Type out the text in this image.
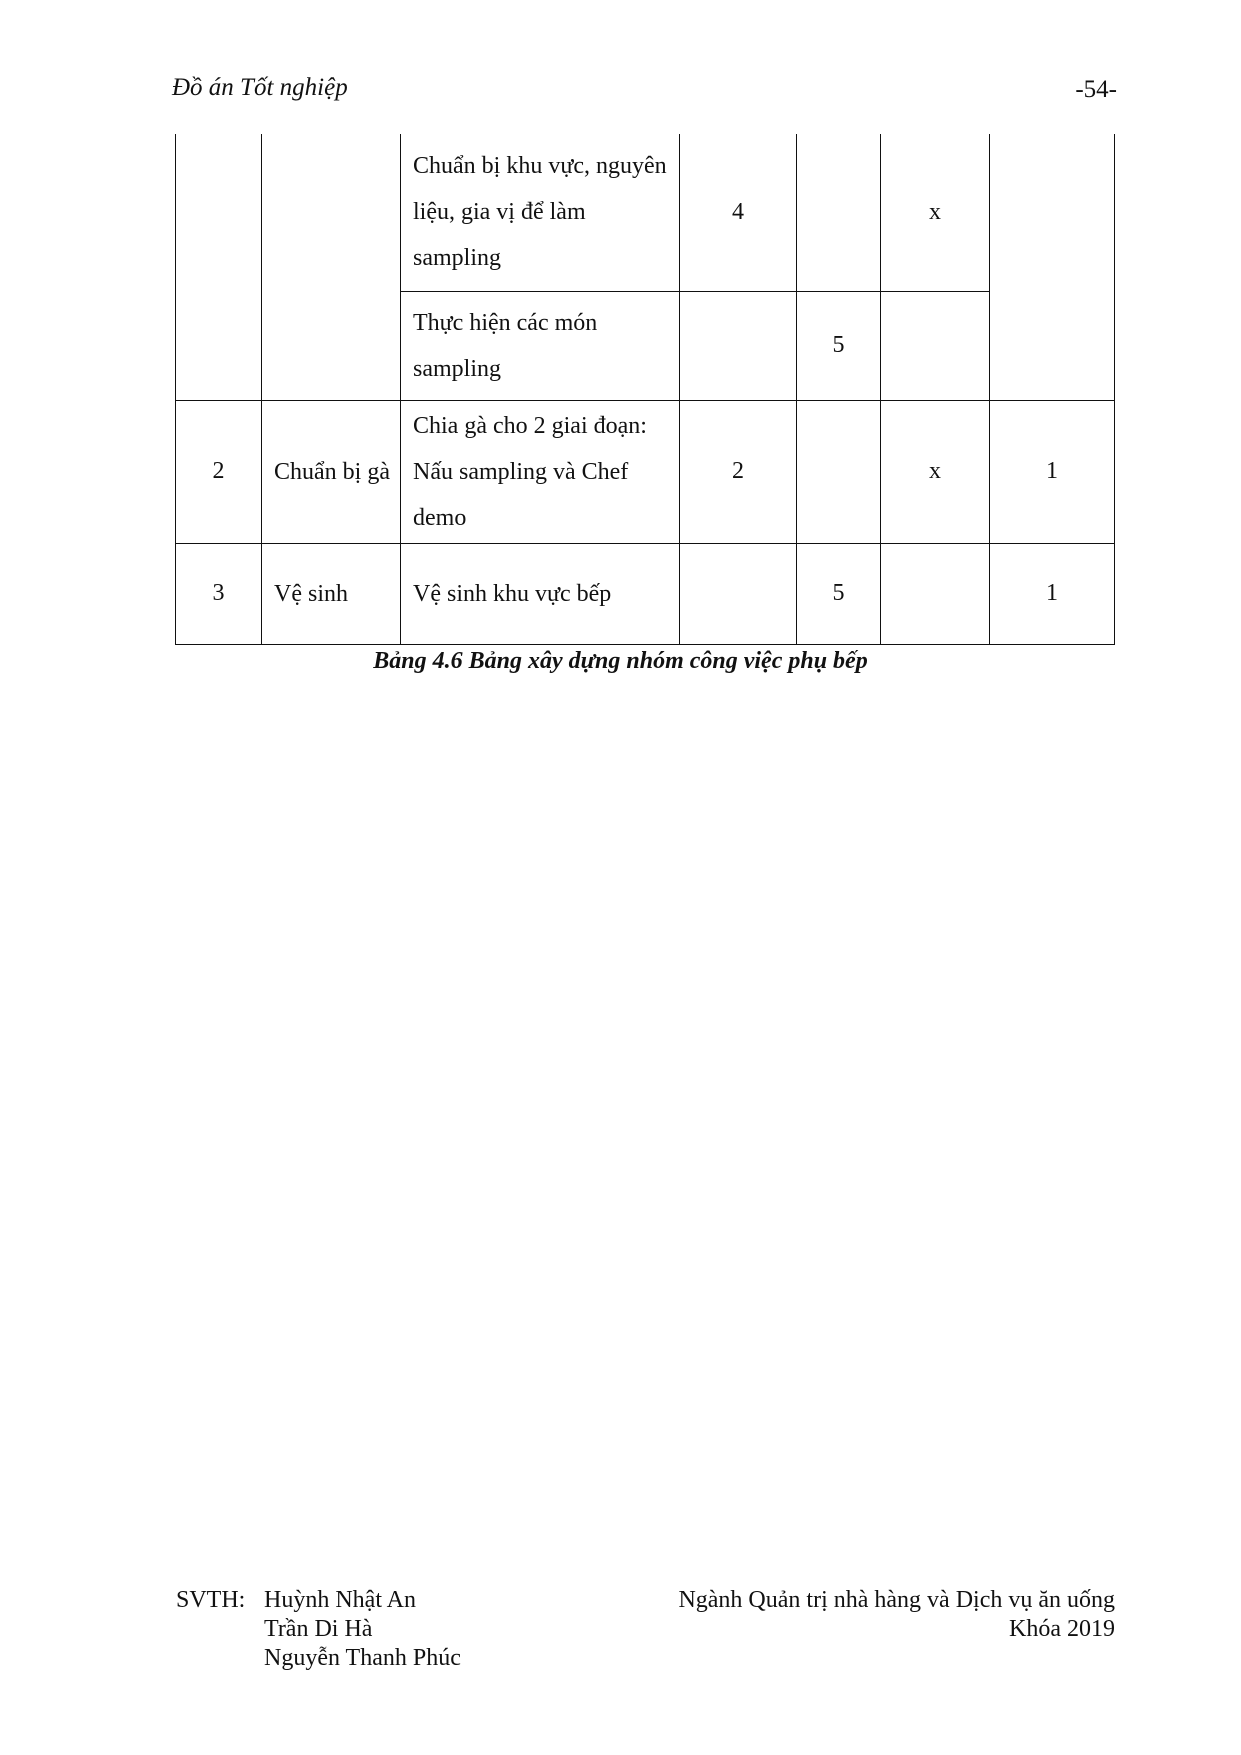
Đồ án Tốt nghiệp	-54-
		Chuẩn bị khu vực, nguyên liệu, gia vị để làm sampling	4		x	
		Thực hiện các món sampling		5		
2	Chuẩn bị gà	Chia gà cho 2 giai đoạn: Nấu sampling và Chef demo	2		x	1
3	Vệ sinh	Vệ sinh khu vực bếp		5		1
Bảng 4.6 Bảng xây dựng nhóm công việc phụ bếp
SVTH: Huỳnh Nhật An
Trần Di Hà
Nguyễn Thanh Phúc
Ngành Quản trị nhà hàng và Dịch vụ ăn uống
Khóa 2019
